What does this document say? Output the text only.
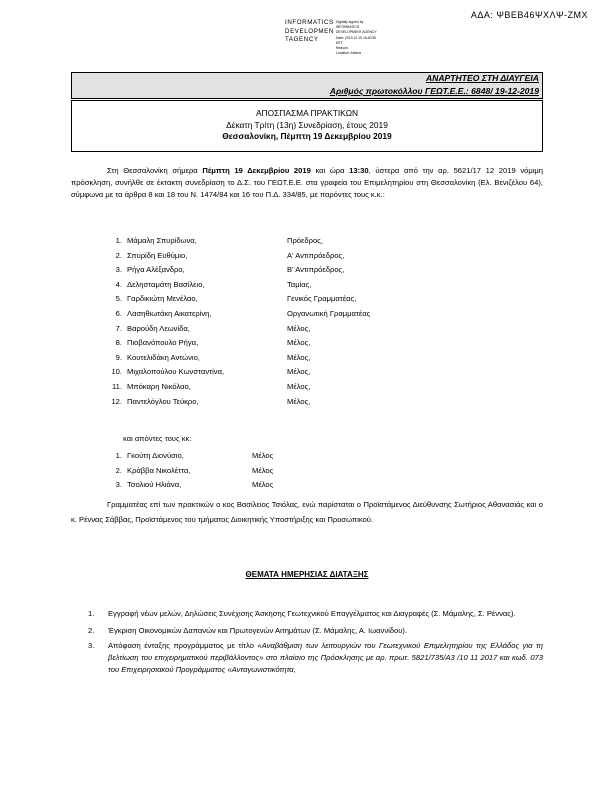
ΑΔΑ: ΨΒΕΒ46ΨΧΛΨ-ΖΜΧ
INFORMATICS
DEVELOPMEN
TAGENCY
Digitally signed by
INFORMATICS
DEVELOPMENT AGENCY
Date: 2019.12.19 16:40:50
EET
Reason:
Location: Athens
ΑΝΑΡΤΗΤΕΟ ΣΤΗ ΔΙΑΥΓΕΙΑ
Αριθμός πρωτοκόλλου ΓΕΩΤ.Ε.Ε.: 6848/ 19-12-2019
ΑΠΟΣΠΑΣΜΑ ΠΡΑΚΤΙΚΩΝ
Δέκατη Τρίτη (13η) Συνεδρίαση, έτους 2019
Θεσσαλονίκη, Πέμπτη 19 Δεκεμβρίου 2019

Στη Θεσσαλονίκη σήμερα Πέμπτη 19 Δεκεμβρίου 2019 και ώρα 13:30, ύστερα από την αρ. 5621/17 12 2019 νόμιμη πρόσκληση, συνήλθε σε έκτακτη συνεδρίαση το Δ.Σ. του ΓΕΩΤ.Ε.Ε. στα γραφεία του Επιμελητηρίου στη Θεσσαλονίκη (Ελ. Βενιζέλου 64), σύμφωνα με τα άρθρα 8 και 18 του Ν. 1474/84 και 16 του Π.Δ. 334/85, με παρόντες τους κ.κ.:

1. Μάμαλη Σπυρίδωνα,	Πρόεδρος,
2. Σπυρίδη Ευθύμιο,	Α' Αντιπρόεδρος,
3. Ρήγα Αλέξανδρο,	Β' Αντιπρόεδρος,
4. Δελησταμάτη Βασίλειο,	Ταμίας,
5. Γαρδικιώτη Μενέλαο,	Γενικός Γραμματέας,
6. Λασηθιωτάκη Αικατερίνη,	Οργανωτική Γραμματέας
7. Βαρούδη Λεωνίδα,	Μέλος,
8. Πιοβανόπουλο Ρήγα,	Μέλος,
9. Κουτελιδάκη Αντώνιο,	Μέλος,
10. Μιχαλοπούλου Κωνσταντίνα,	Μέλος,
11. Μπόκαρη Νικόλαο,	Μέλος,
12. Παντελόγλου Τεύκρο,	Μέλος,
και απόντες τους κκ:
1. Γκούτη Διονύσιο,	Μέλος
2. Κράββα Νικολέττα,	Μέλος
3. Τσολιού Ηλιάνα,	Μέλος

Γραμματέας επί των πρακτικών ο κος Βασίλειος Τσιόλας, ενώ παρίσταται ο Προϊστάμενος Διεύθυνσης Σωτήριος Αθανασιάς και ο κ. Ρέννας Σάββας, Προϊστάμενος του τμήματος Διοικητικής Υποστήριξης και Προσωπικού.

ΘΕΜΑΤΑ ΗΜΕΡΗΣΙΑΣ ΔΙΑΤΑΞΗΣ
1.	Εγγραφή νέων μελών, Δηλώσεις Συνέχισης Άσκησης Γεωτεχνικού Επαγγέλματος και Διαγραφές (Σ. Μάμαλης, Σ. Ρέννας).
2.	Έγκριση Οικονομικών Δαπανών και Πρωτογενών Αιτημάτων (Σ. Μάμαλης, Α. Ιωαννίδου).
3.	Απόφαση ένταξης προγράμματος με τίτλο «Αναβάθμιση των λειτουργιών του Γεωτεχνικού Επιμελητηρίου της Ελλάδος για τη βελτίωση του επιχειρηματικού περιβάλλοντος» στο πλαίσιο της Πρόσκλησης με αρ. πρωτ. 5821/735/Α3 /10 11 2017 και κωδ. 073 του Επιχειρησιακού Προγράμματος «Ανταγωνιστικότητα,
